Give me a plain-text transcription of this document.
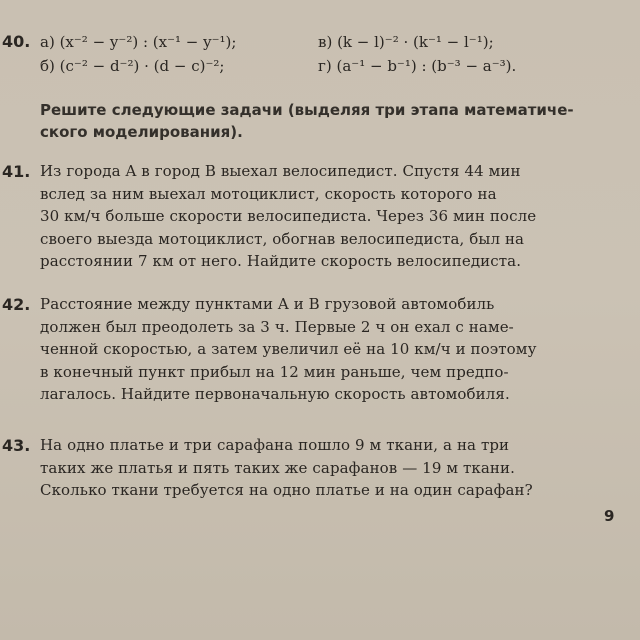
40. а) (x⁻² − y⁻²) : (x⁻¹ − y⁻¹);
б) (c⁻² − d⁻²) · (d − c)⁻²;
в) (k − l)⁻² · (k⁻¹ − l⁻¹);
г) (a⁻¹ − b⁻¹) : (b⁻³ − a⁻³).
Решите следующие задачи (выделяя три этапа математиче-
ского моделирования).
41. Из города A в город B выехал велосипедист. Спустя 44 мин
вслед за ним выехал мотоциклист, скорость которого на
30 км/ч больше скорости велосипедиста. Через 36 мин после
своего выезда мотоциклист, обогнав велосипедиста, был на
расстоянии 7 км от него. Найдите скорость велосипедиста.
42. Расстояние между пунктами A и B грузовой автомобиль
должен был преодолеть за 3 ч. Первые 2 ч он ехал с наме-
ченной скоростью, а затем увеличил её на 10 км/ч и поэтому
в конечный пункт прибыл на 12 мин раньше, чем предпо-
лагалось. Найдите первоначальную скорость автомобиля.
43. На одно платье и три сарафана пошло 9 м ткани, а на три
таких же платья и пять таких же сарафанов — 19 м ткани.
Сколько ткани требуется на одно платье и на один сарафан?
9
